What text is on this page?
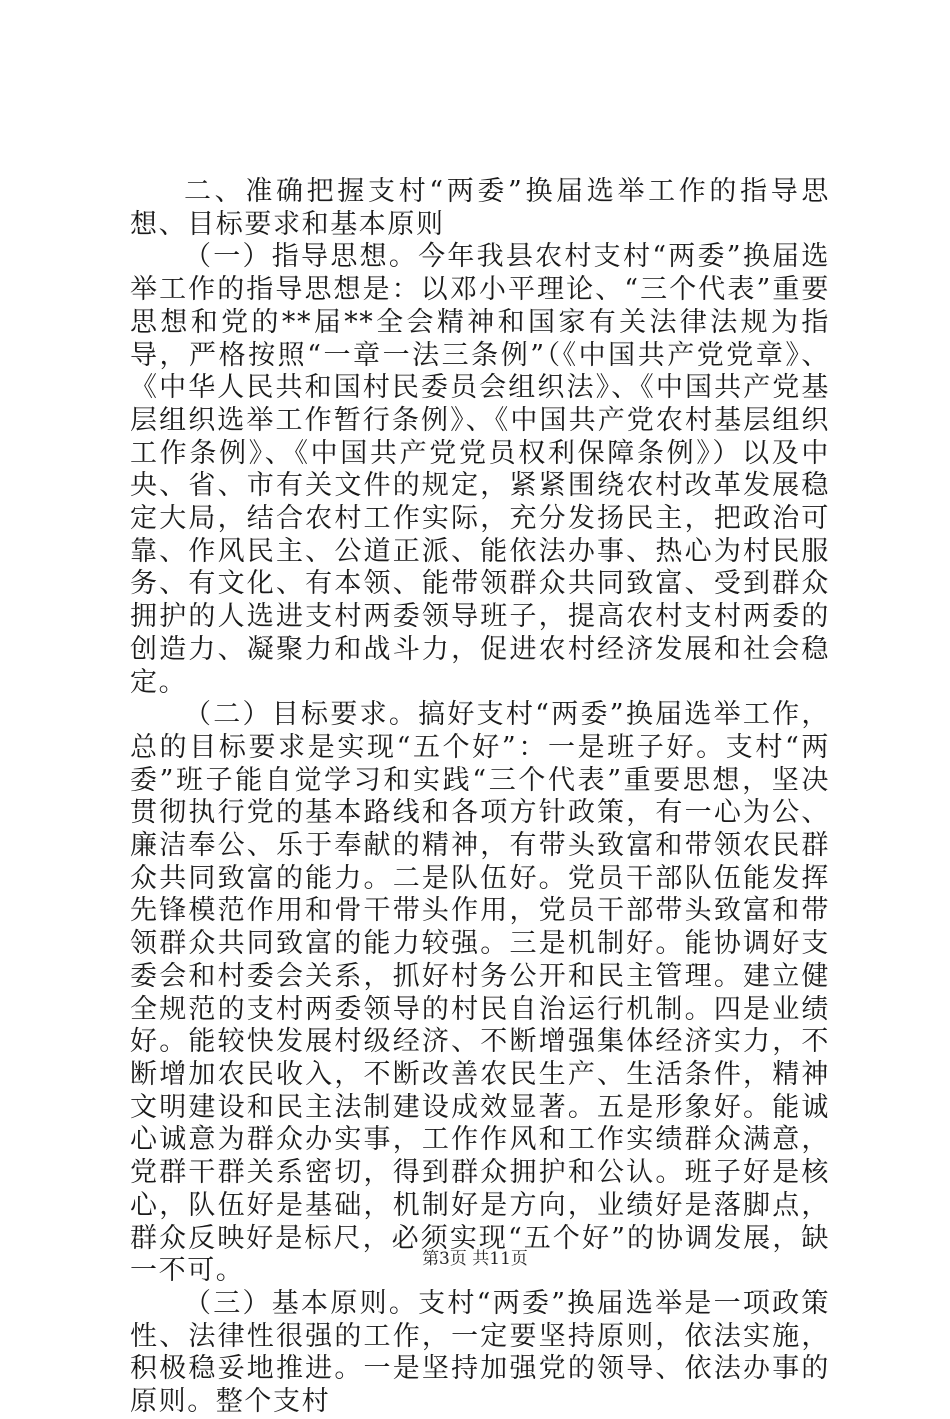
二、准确把握支村“两委”换届选举工作的指导思想、目标要求和基本原则

（一）指导思想。今年我县农村支村“两委”换届选举工作的指导思想是：以邓小平理论、“三个代表”重要思想和党的**届**全会精神和国家有关法律法规为指导，严格按照“一章一法三条例”（《中国共产党党章》、《中华人民共和国村民委员会组织法》、《中国共产党基层组织选举工作暂行条例》、《中国共产党农村基层组织工作条例》、《中国共产党党员权利保障条例》）以及中央、省、市有关文件的规定，紧紧围绕农村改革发展稳定大局，结合农村工作实际，充分发扬民主，把政治可靠、作风民主、公道正派、能依法办事、热心为村民服务、有文化、有本领、能带领群众共同致富、受到群众拥护的人选进支村两委领导班子，提高农村支村两委的创造力、凝聚力和战斗力，促进农村经济发展和社会稳定。

（二）目标要求。搞好支村“两委”换届选举工作，总的目标要求是实现“五个好”：一是班子好。支村“两委”班子能自觉学习和实践“三个代表”重要思想，坚决贯彻执行党的基本路线和各项方针政策，有一心为公、廉洁奉公、乐于奉献的精神，有带头致富和带领农民群众共同致富的能力。二是队伍好。党员干部队伍能发挥先锋模范作用和骨干带头作用，党员干部带头致富和带领群众共同致富的能力较强。三是机制好。能协调好支委会和村委会关系，抓好村务公开和民主管理。建立健全规范的支村两委领导的村民自治运行机制。四是业绩好。能较快发展村级经济、不断增强集体经济实力，不断增加农民收入，不断改善农民生产、生活条件，精神文明建设和民主法制建设成效显著。五是形象好。能诚心诚意为群众办实事，工作作风和工作实绩群众满意，党群干群关系密切，得到群众拥护和公认。班子好是核心，队伍好是基础，机制好是方向，业绩好是落脚点，群众反映好是标尺，必须实现“五个好”的协调发展，缺一不可。

（三）基本原则。支村“两委”换届选举是一项政策性、法律性很强的工作，一定要坚持原则，依法实施，积极稳妥地推进。一是坚持加强党的领导、依法办事的原则。整个支村

第3页 共11页
